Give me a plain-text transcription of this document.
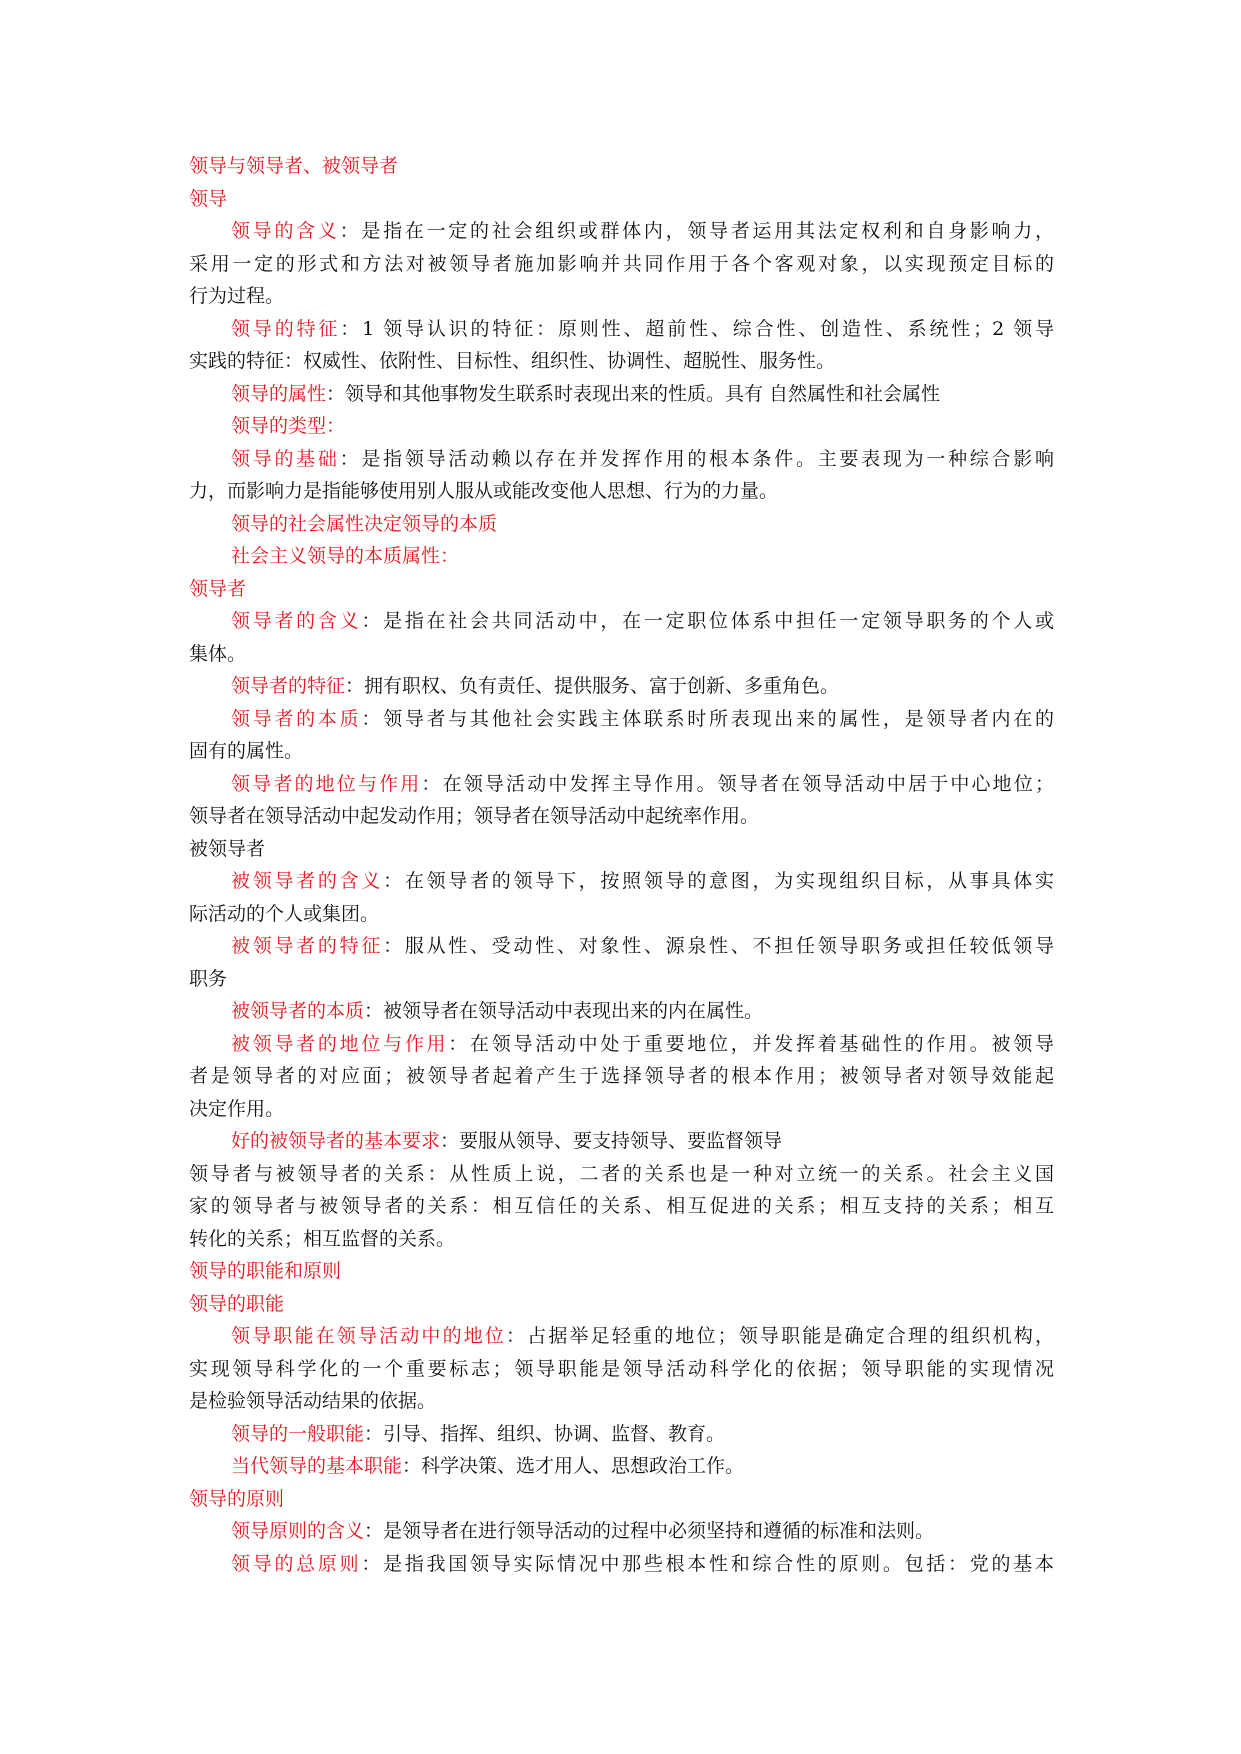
领导与领导者、被领导者
领导
领导的含义：是指在一定的社会组织或群体内，领导者运用其法定权利和自身影响力，
采用一定的形式和方法对被领导者施加影响并共同作用于各个客观对象，以实现预定目标的
行为过程。
领导的特征：1 领导认识的特征：原则性、超前性、综合性、创造性、系统性；2 领导
实践的特征：权威性、依附性、目标性、组织性、协调性、超脱性、服务性。
领导的属性：领导和其他事物发生联系时表现出来的性质。具有 自然属性和社会属性
领导的类型：
领导的基础：是指领导活动赖以存在并发挥作用的根本条件。主要表现为一种综合影响
力，而影响力是指能够使用别人服从或能改变他人思想、行为的力量。
领导的社会属性决定领导的本质
社会主义领导的本质属性：
领导者
领导者的含义：是指在社会共同活动中，在一定职位体系中担任一定领导职务的个人或
集体。
领导者的特征：拥有职权、负有责任、提供服务、富于创新、多重角色。
领导者的本质：领导者与其他社会实践主体联系时所表现出来的属性，是领导者内在的
固有的属性。
领导者的地位与作用：在领导活动中发挥主导作用。领导者在领导活动中居于中心地位；
领导者在领导活动中起发动作用；领导者在领导活动中起统率作用。
被领导者
被领导者的含义：在领导者的领导下，按照领导的意图，为实现组织目标，从事具体实
际活动的个人或集团。
被领导者的特征：服从性、受动性、对象性、源泉性、不担任领导职务或担任较低领导
职务
被领导者的本质：被领导者在领导活动中表现出来的内在属性。
被领导者的地位与作用：在领导活动中处于重要地位，并发挥着基础性的作用。被领导
者是领导者的对应面；被领导者起着产生于选择领导者的根本作用；被领导者对领导效能起
决定作用。
好的被领导者的基本要求：要服从领导、要支持领导、要监督领导
领导者与被领导者的关系：从性质上说，二者的关系也是一种对立统一的关系。社会主义国
家的领导者与被领导者的关系：相互信任的关系、相互促进的关系；相互支持的关系；相互
转化的关系；相互监督的关系。
领导的职能和原则
领导的职能
领导职能在领导活动中的地位：占据举足轻重的地位；领导职能是确定合理的组织机构，
实现领导科学化的一个重要标志；领导职能是领导活动科学化的依据；领导职能的实现情况
是检验领导活动结果的依据。
领导的一般职能：引导、指挥、组织、协调、监督、教育。
当代领导的基本职能：科学决策、选才用人、思想政治工作。
领导的原则
领导原则的含义：是领导者在进行领导活动的过程中必须坚持和遵循的标准和法则。
领导的总原则：是指我国领导实际情况中那些根本性和综合性的原则。包括：党的基本
